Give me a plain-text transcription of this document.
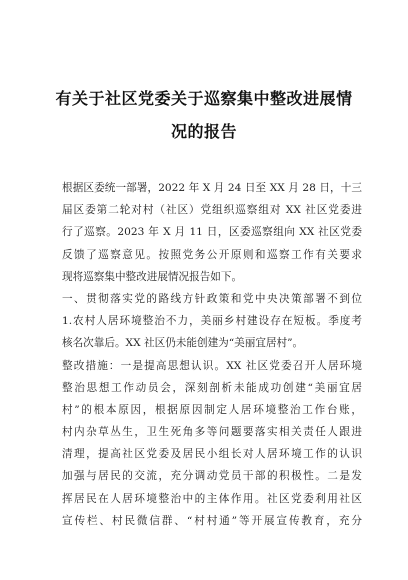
有关于社区党委关于巡察集中整改进展情
况的报告
根据区委统一部署，2022 年 X 月 24 日至 XX 月 28 日，十三
届区委第二轮对村（社区）党组织巡察组对 XX 社区党委进
行了巡察。2023 年 X 月 11 日，区委巡察组向 XX 社区党委
反馈了巡察意见。按照党务公开原则和巡察工作有关要求
现将巡察集中整改进展情况报告如下。
一、贯彻落实党的路线方针政策和党中央决策部署不到位
1.农村人居环境整治不力，美丽乡村建设存在短板。季度考
核名次靠后。XX 社区仍未能创建为“美丽宜居村”。
整改措施：一是提高思想认识。XX 社区党委召开人居环境
整治思想工作动员会，深刻剖析未能成功创建“美丽宜居
村”的根本原因，根据原因制定人居环境整治工作台账，
村内杂草丛生，卫生死角多等问题要落实相关责任人跟进
清理，提高社区党委及居民小组长对人居环境工作的认识
加强与居民的交流，充分调动党员干部的积极性。二是发
挥居民在人居环境整治中的主体作用。社区党委利用社区
宣传栏、村民微信群、“村村通”等开展宣传教育，充分
